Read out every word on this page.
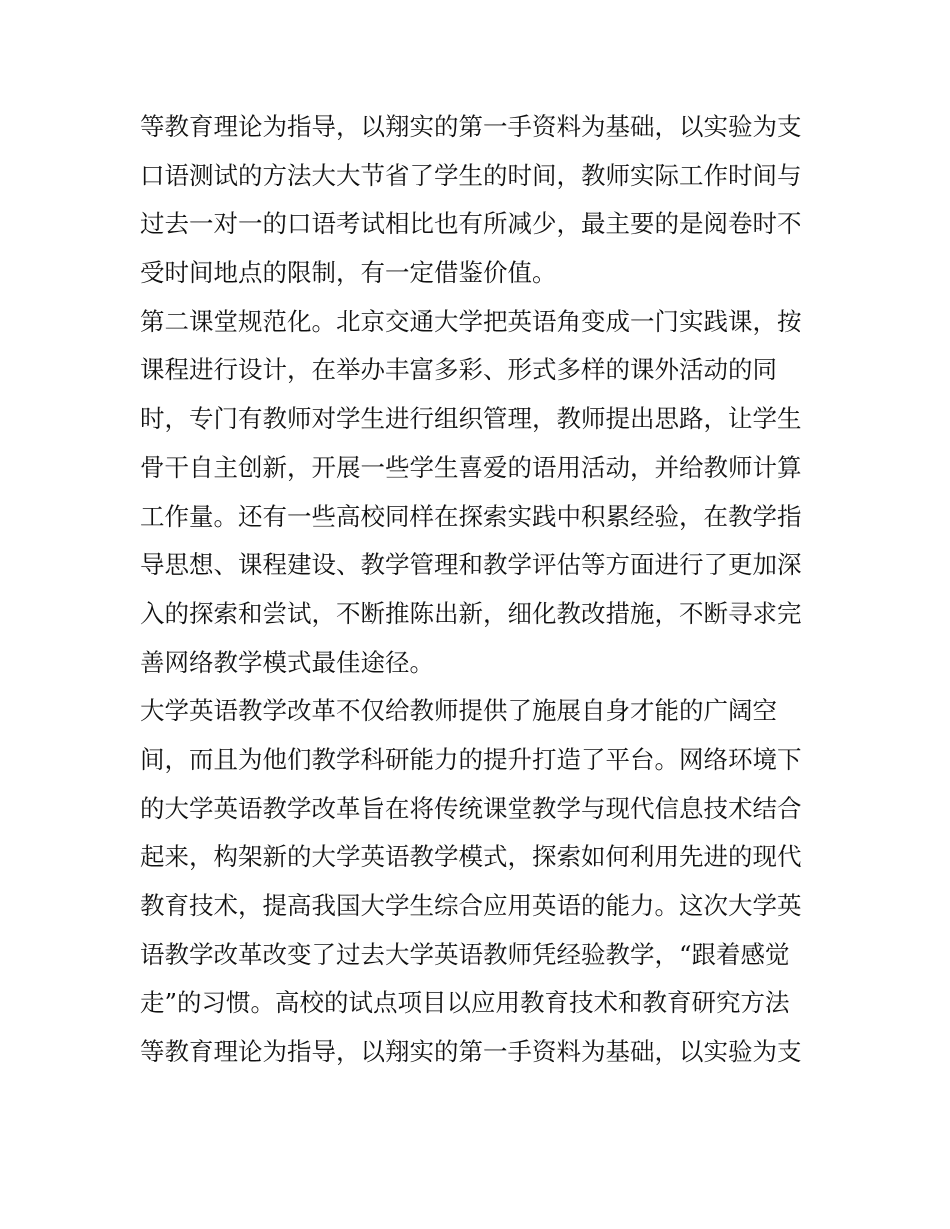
等教育理论为指导，以翔实的第一手资料为基础，以实验为支
口语测试的方法大大节省了学生的时间，教师实际工作时间与
过去一对一的口语考试相比也有所减少，最主要的是阅卷时不
受时间地点的限制，有一定借鉴价值。
第二课堂规范化。北京交通大学把英语角变成一门实践课，按
课程进行设计，在举办丰富多彩、形式多样的课外活动的同
时，专门有教师对学生进行组织管理，教师提出思路，让学生
骨干自主创新，开展一些学生喜爱的语用活动，并给教师计算
工作量。还有一些高校同样在探索实践中积累经验，在教学指
导思想、课程建设、教学管理和教学评估等方面进行了更加深
入的探索和尝试，不断推陈出新，细化教改措施，不断寻求完
善网络教学模式最佳途径。
大学英语教学改革不仅给教师提供了施展自身才能的广阔空
间，而且为他们教学科研能力的提升打造了平台。网络环境下
的大学英语教学改革旨在将传统课堂教学与现代信息技术结合
起来，构架新的大学英语教学模式，探索如何利用先进的现代
教育技术，提高我国大学生综合应用英语的能力。这次大学英
语教学改革改变了过去大学英语教师凭经验教学，“跟着感觉
走”的习惯。高校的试点项目以应用教育技术和教育研究方法
等教育理论为指导，以翔实的第一手资料为基础，以实验为支
